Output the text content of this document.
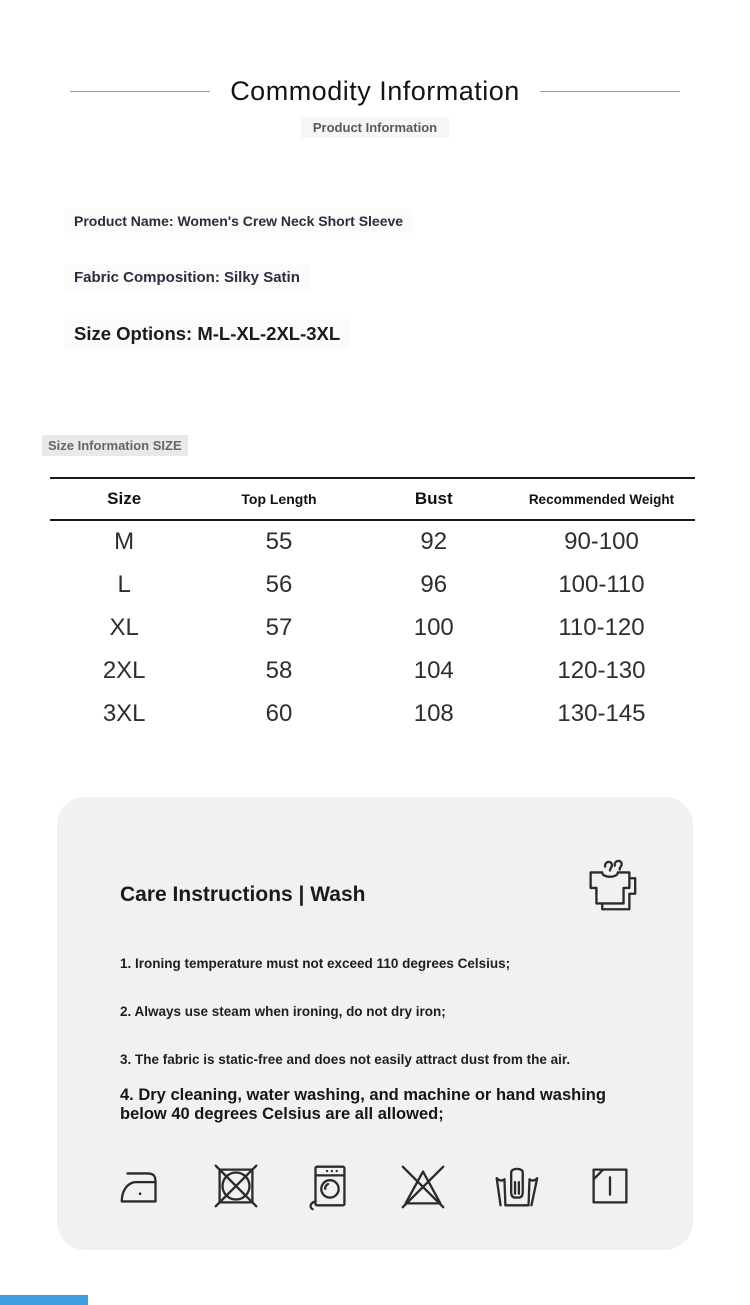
Commodity Information
Product Information
Product Name: Women's Crew Neck Short Sleeve
Fabric Composition: Silky Satin
Size Options: M-L-XL-2XL-3XL
Size Information SIZE
Size	Top Length	Bust	Recommended Weight
M	55	92	90-100
L	56	96	100-110
XL	57	100	110-120
2XL	58	104	120-130
3XL	60	108	130-145
Care Instructions | Wash
1. Ironing temperature must not exceed 110 degrees Celsius;
2. Always use steam when ironing, do not dry iron;
3. The fabric is static-free and does not easily attract dust from the air.
4. Dry cleaning, water washing, and machine or hand washing below 40 degrees Celsius are all allowed;
